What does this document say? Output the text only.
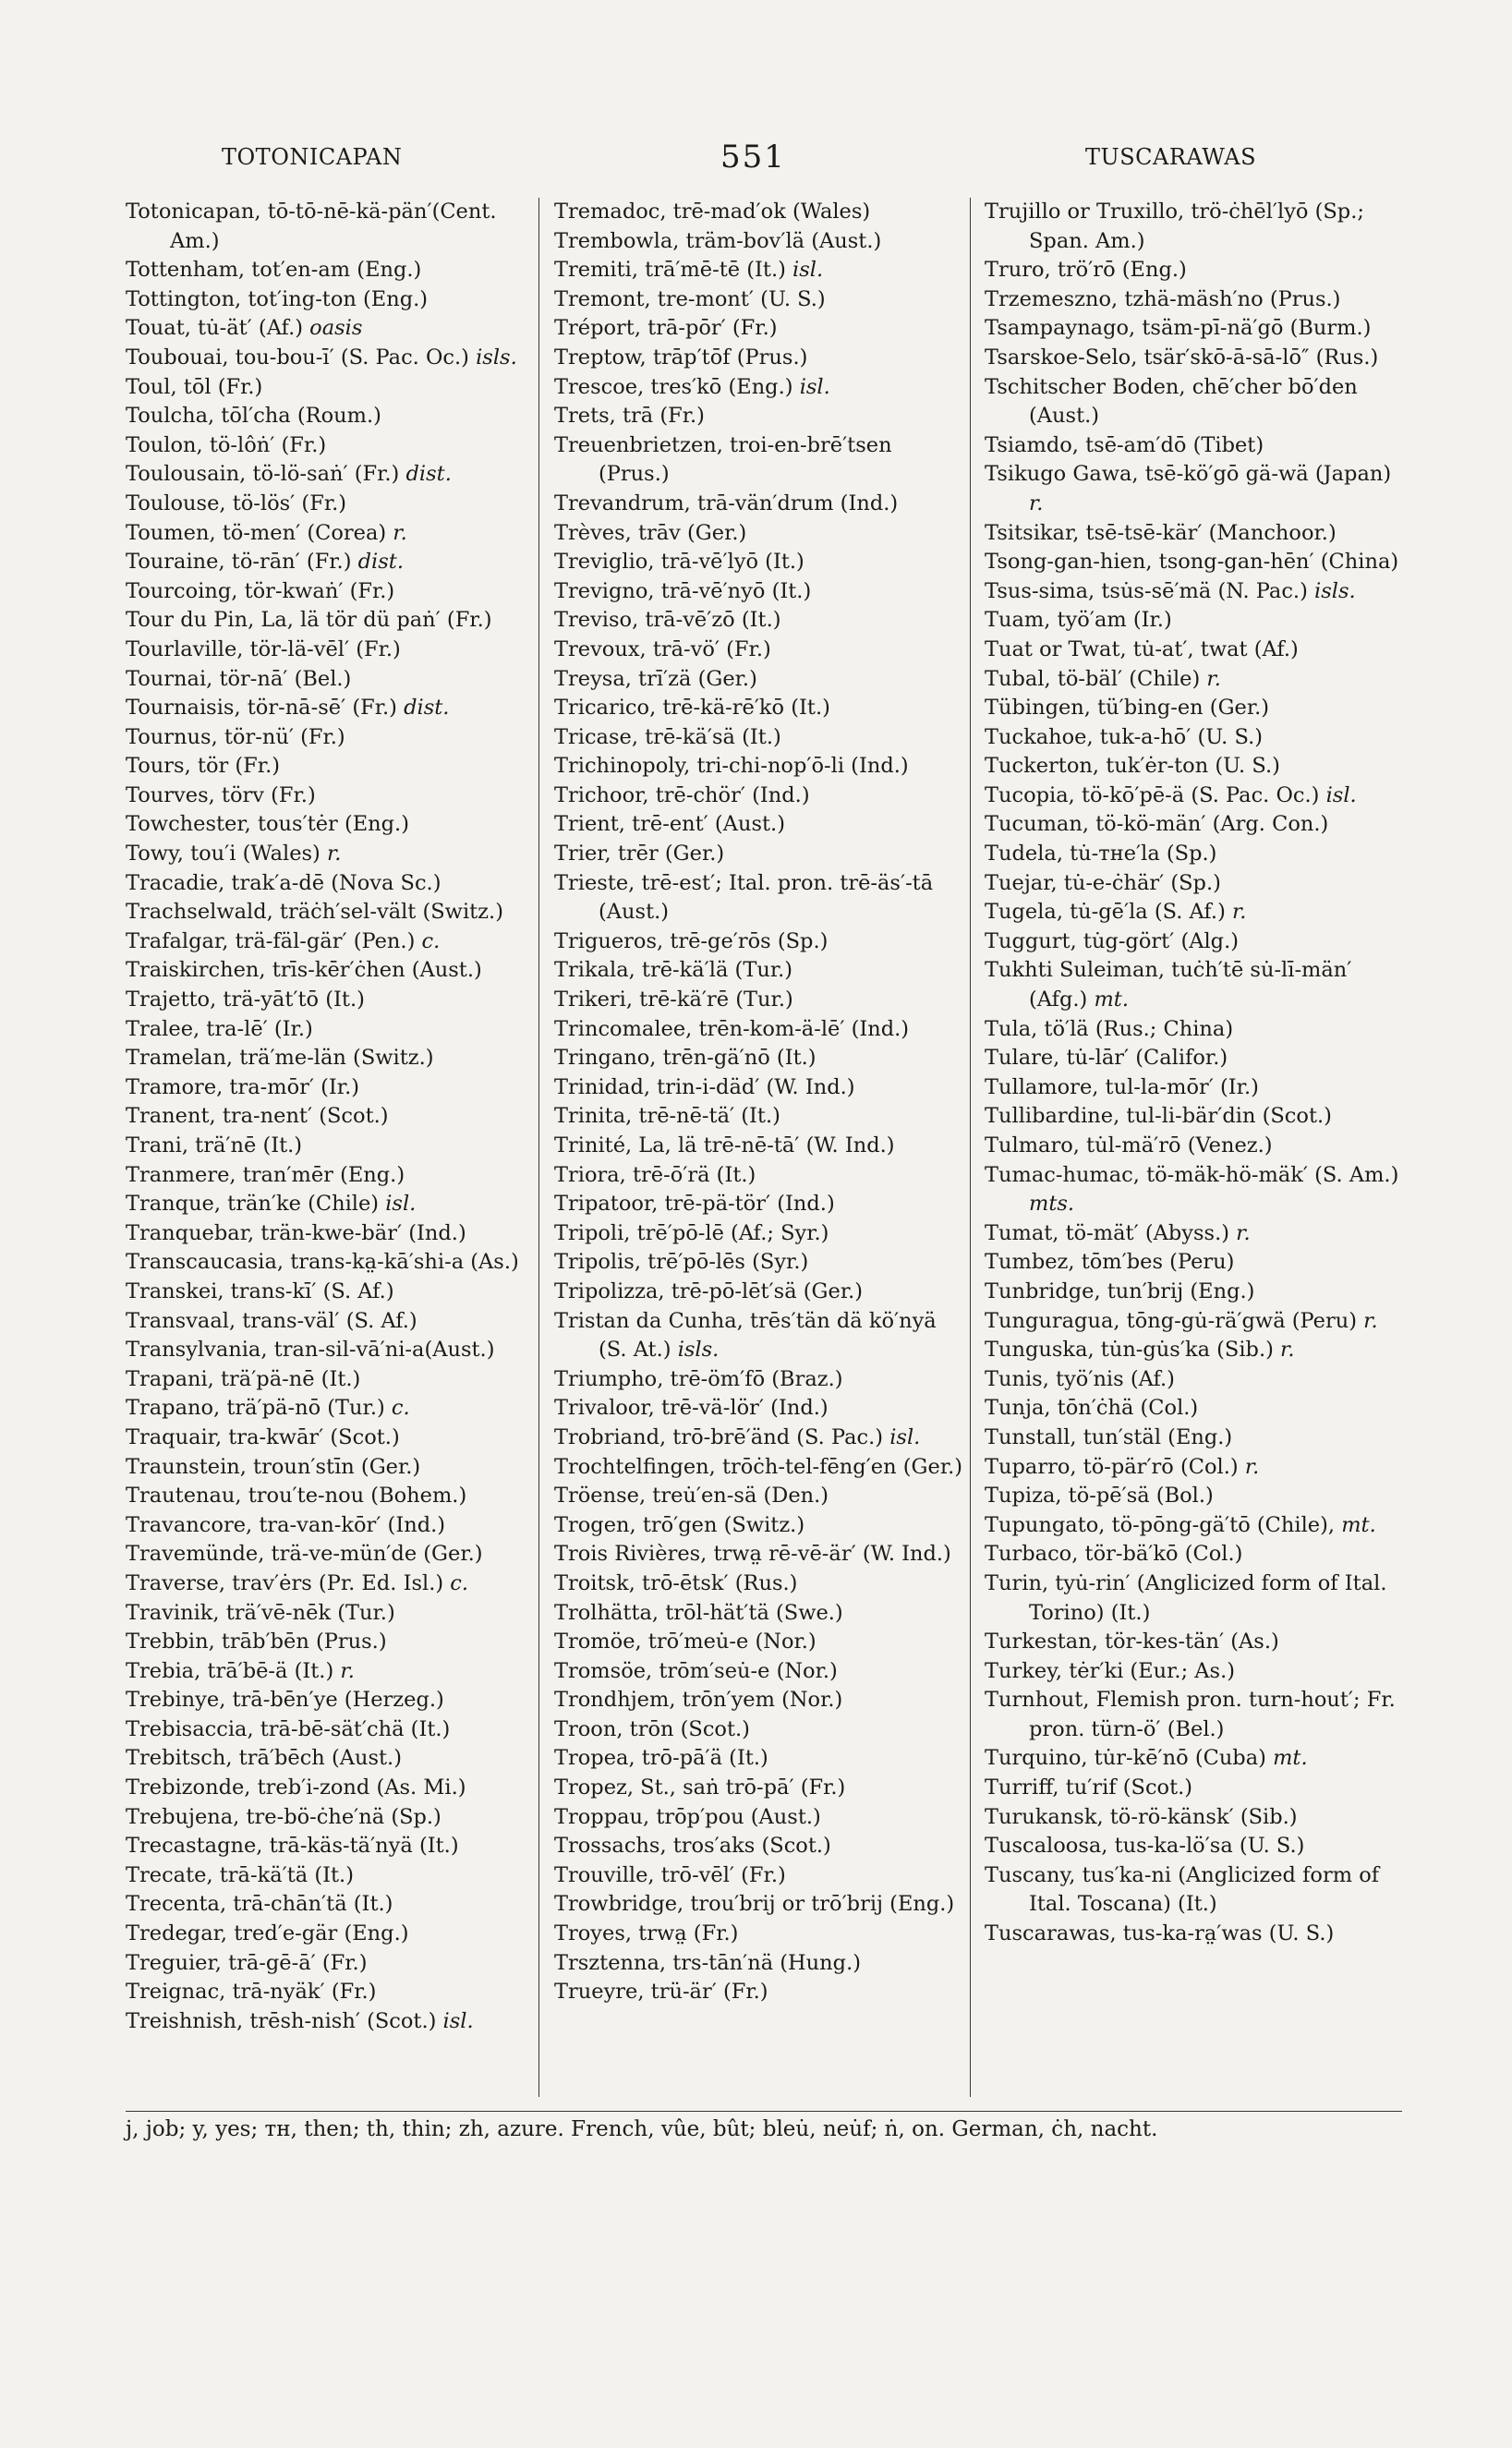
TOTONICAPAN	551	TUSCARAWAS

Totonicapan, tō-tō-nē-kä-pän′(Cent. Am.)

Tottenham, tot′en-am (Eng.)

Tottington, tot′ing-ton (Eng.)

Touat, tu̇-ät′ (Af.) oasis

Toubouai, tou-bou-ī′ (S. Pac. Oc.) isls.

Toul, tōl (Fr.)

Toulcha, tōl′cha (Roum.)

Toulon, tö-lôṅ′ (Fr.)

Toulousain, tö-lö-saṅ′ (Fr.) dist.

Toulouse, tö-lös′ (Fr.)

Toumen, tö-men′ (Corea) r.

Touraine, tö-rān′ (Fr.) dist.

Tourcoing, tör-kwaṅ′ (Fr.)

Tour du Pin, La, lä tör dü paṅ′ (Fr.)

Tourlaville, tör-lä-vēl′ (Fr.)

Tournai, tör-nā′ (Bel.)

Tournaisis, tör-nā-sē′ (Fr.) dist.

Tournus, tör-nü′ (Fr.)

Tours, tör (Fr.)

Tourves, törv (Fr.)

Towchester, tous′tėr (Eng.)

Towy, tou′i (Wales) r.

Tracadie, trak′a-dē (Nova Sc.)

Trachselwald, träċh′sel-vält (Switz.)

Trafalgar, trä-fäl-gär′ (Pen.) c.

Traiskirchen, trīs-kēr′ċhen (Aust.)

Trajetto, trä-yāt′tō (It.)

Tralee, tra-lē′ (Ir.)

Tramelan, trä′me-län (Switz.)

Tramore, tra-mōr′ (Ir.)

Tranent, tra-nent′ (Scot.)

Trani, trä′nē (It.)

Tranmere, tran′mēr (Eng.)

Tranque, trän′ke (Chile) isl.

Tranquebar, trän-kwe-bär′ (Ind.)

Transcaucasia, trans-ka̤-kā′shi-a (As.)

Transkei, trans-kī′ (S. Af.)

Transvaal, trans-väl′ (S. Af.)

Transylvania, tran-sil-vā′ni-a(Aust.)

Trapani, trä′pä-nē (It.)

Trapano, trä′pä-nō (Tur.) c.

Traquair, tra-kwār′ (Scot.)

Traunstein, troun′stīn (Ger.)

Trautenau, trou′te-nou (Bohem.)

Travancore, tra-van-kōr′ (Ind.)

Travemünde, trä-ve-mün′de (Ger.)

Traverse, trav′ėrs (Pr. Ed. Isl.) c.

Travinik, trä′vē-nēk (Tur.)

Trebbin, trāb′bēn (Prus.)

Trebia, trā′bē-ä (It.) r.

Trebinye, trā-bēn′ye (Herzeg.)

Trebisaccia, trā-bē-sät′chä (It.)

Trebitsch, trā′bēch (Aust.)

Trebizonde, treb′i-zond (As. Mi.)

Trebujena, tre-bö-ċhe′nä (Sp.)

Trecastagne, trā-käs-tä′nyä (It.)

Trecate, trā-kä′tä (It.)

Trecenta, trā-chān′tä (It.)

Tredegar, tred′e-gär (Eng.)

Treguier, trā-gē-ā′ (Fr.)

Treignac, trā-nyäk′ (Fr.)

Treishnish, trēsh-nish′ (Scot.) isl.

Tremadoc, trē-mad′ok (Wales)

Trembowla, träm-bov′lä (Aust.)

Tremiti, trā′mē-tē (It.) isl.

Tremont, tre-mont′ (U. S.)

Tréport, trā-pōr′ (Fr.)

Treptow, trāp′tōf (Prus.)

Trescoe, tres′kō (Eng.) isl.

Trets, trā (Fr.)

Treuenbrietzen, troi-en-brē′tsen (Prus.)

Trevandrum, trā-vän′drum (Ind.)

Trèves, trāv (Ger.)

Treviglio, trā-vē′lyō (It.)

Trevigno, trā-vē′nyō (It.)

Treviso, trā-vē′zō (It.)

Trevoux, trā-vö′ (Fr.)

Treysa, trī′zä (Ger.)

Tricarico, trē-kä-rē′kō (It.)

Tricase, trē-kä′sä (It.)

Trichinopoly, tri-chi-nop′ō-li (Ind.)

Trichoor, trē-chör′ (Ind.)

Trient, trē-ent′ (Aust.)

Trier, trēr (Ger.)

Trieste, trē-est′; Ital. pron. trē-äs′-tā (Aust.)

Trigueros, trē-ge′rōs (Sp.)

Trikala, trē-kä′lä (Tur.)

Trikeri, trē-kä′rē (Tur.)

Trincomalee, trēn-kom-ä-lē′ (Ind.)

Tringano, trēn-gä′nō (It.)

Trinidad, trin-i-däd′ (W. Ind.)

Trinita, trē-nē-tä′ (It.)

Trinité, La, lä trē-nē-tā′ (W. Ind.)

Triora, trē-ō′rä (It.)

Tripatoor, trē-pä-tör′ (Ind.)

Tripoli, trē′pō-lē (Af.; Syr.)

Tripolis, trē′pō-lēs (Syr.)

Tripolizza, trē-pō-lēt′sä (Ger.)

Tristan da Cunha, trēs′tän dä kö′nyä (S. At.) isls.

Triumpho, trē-öm′fō (Braz.)

Trivaloor, trē-vä-lör′ (Ind.)

Trobriand, trō-brē′änd (S. Pac.) isl.

Trochtelfingen, trōċh-tel-fēng′en (Ger.)

Tröense, treu̇′en-sä (Den.)

Trogen, trō′gen (Switz.)

Trois Rivières, trwa̤ rē-vē-är′ (W. Ind.)

Troitsk, trō-ētsk′ (Rus.)

Trolhätta, trōl-hät′tä (Swe.)

Tromöe, trō′meu̇-e (Nor.)

Tromsöe, trōm′seu̇-e (Nor.)

Trondhjem, trōn′yem (Nor.)

Troon, trōn (Scot.)

Tropea, trō-pā′ä (It.)

Tropez, St., saṅ trō-pā′ (Fr.)

Troppau, trōp′pou (Aust.)

Trossachs, tros′aks (Scot.)

Trouville, trō-vēl′ (Fr.)

Trowbridge, trou′brij or trō′brij (Eng.)

Troyes, trwa̤ (Fr.)

Trsztenna, trs-tān′nä (Hung.)

Trueyre, trü-är′ (Fr.)

Trujillo or Truxillo, trö-ċhēl′lyō (Sp.; Span. Am.)

Truro, trö′rō (Eng.)

Trzemeszno, tzhä-mäsh′no (Prus.)

Tsampaynago, tsäm-pī-nä′gō (Burm.)

Tsarskoe-Selo, tsär′skō-ā-sā-lō″ (Rus.)

Tschitscher Boden, chē′cher bō′den (Aust.)

Tsiamdo, tsē-am′dō (Tibet)

Tsikugo Gawa, tsē-kö′gō gä-wä (Japan) r.

Tsitsikar, tsē-tsē-kär′ (Manchoor.)

Tsong-gan-hien, tsong-gan-hēn′ (China)

Tsus-sima, tsu̇s-sē′mä (N. Pac.) isls.

Tuam, työ′am (Ir.)

Tuat or Twat, tu̇-at′, twat (Af.)

Tubal, tö-bäl′ (Chile) r.

Tübingen, tü′bing-en (Ger.)

Tuckahoe, tuk-a-hō′ (U. S.)

Tuckerton, tuk′ėr-ton (U. S.)

Tucopia, tö-kō′pē-ä (S. Pac. Oc.) isl.

Tucuman, tö-kö-män′ (Arg. Con.)

Tudela, tu̇-ᴛʜe′la (Sp.)

Tuejar, tu̇-e-ċhär′ (Sp.)

Tugela, tu̇-gē′la (S. Af.) r.

Tuggurt, tu̇g-gört′ (Alg.)

Tukhti Suleiman, tuċh′tē su̇-lī-män′ (Afg.) mt.

Tula, tö′lä (Rus.; China)

Tulare, tu̇-lār′ (Califor.)

Tullamore, tul-la-mōr′ (Ir.)

Tullibardine, tul-li-bär′din (Scot.)

Tulmaro, tu̇l-mä′rō (Venez.)

Tumac-humac, tö-mäk-hö-mäk′ (S. Am.) mts.

Tumat, tö-mät′ (Abyss.) r.

Tumbez, tōm′bes (Peru)

Tunbridge, tun′brij (Eng.)

Tunguragua, tōng-gu̇-rä′gwä (Peru) r.

Tunguska, tu̇n-gu̇s′ka (Sib.) r.

Tunis, työ′nis (Af.)

Tunja, tōn′ċhä (Col.)

Tunstall, tun′stäl (Eng.)

Tuparro, tö-pär′rō (Col.) r.

Tupiza, tö-pē′sä (Bol.)

Tupungato, tö-pōng-gä′tō (Chile), mt.

Turbaco, tör-bä′kō (Col.)

Turin, tyu̇-rin′ (Anglicized form of Ital. Torino) (It.)

Turkestan, tör-kes-tän′ (As.)

Turkey, tėr′ki (Eur.; As.)

Turnhout, Flemish pron. turn-hout′; Fr. pron. türn-ö′ (Bel.)

Turquino, tu̇r-kē′nō (Cuba) mt.

Turriff, tu′rif (Scot.)

Turukansk, tö-rö-känsk′ (Sib.)

Tuscaloosa, tus-ka-lö′sa (U. S.)

Tuscany, tus′ka-ni (Anglicized form of Ital. Toscana) (It.)

Tuscarawas, tus-ka-ra̤′was (U. S.)

j, job; y, yes; ᴛʜ, then; th, thin; zh, azure. French, vûe, bût; bleu̇, neu̇f; ṅ, on. German, ċh, nacht.
